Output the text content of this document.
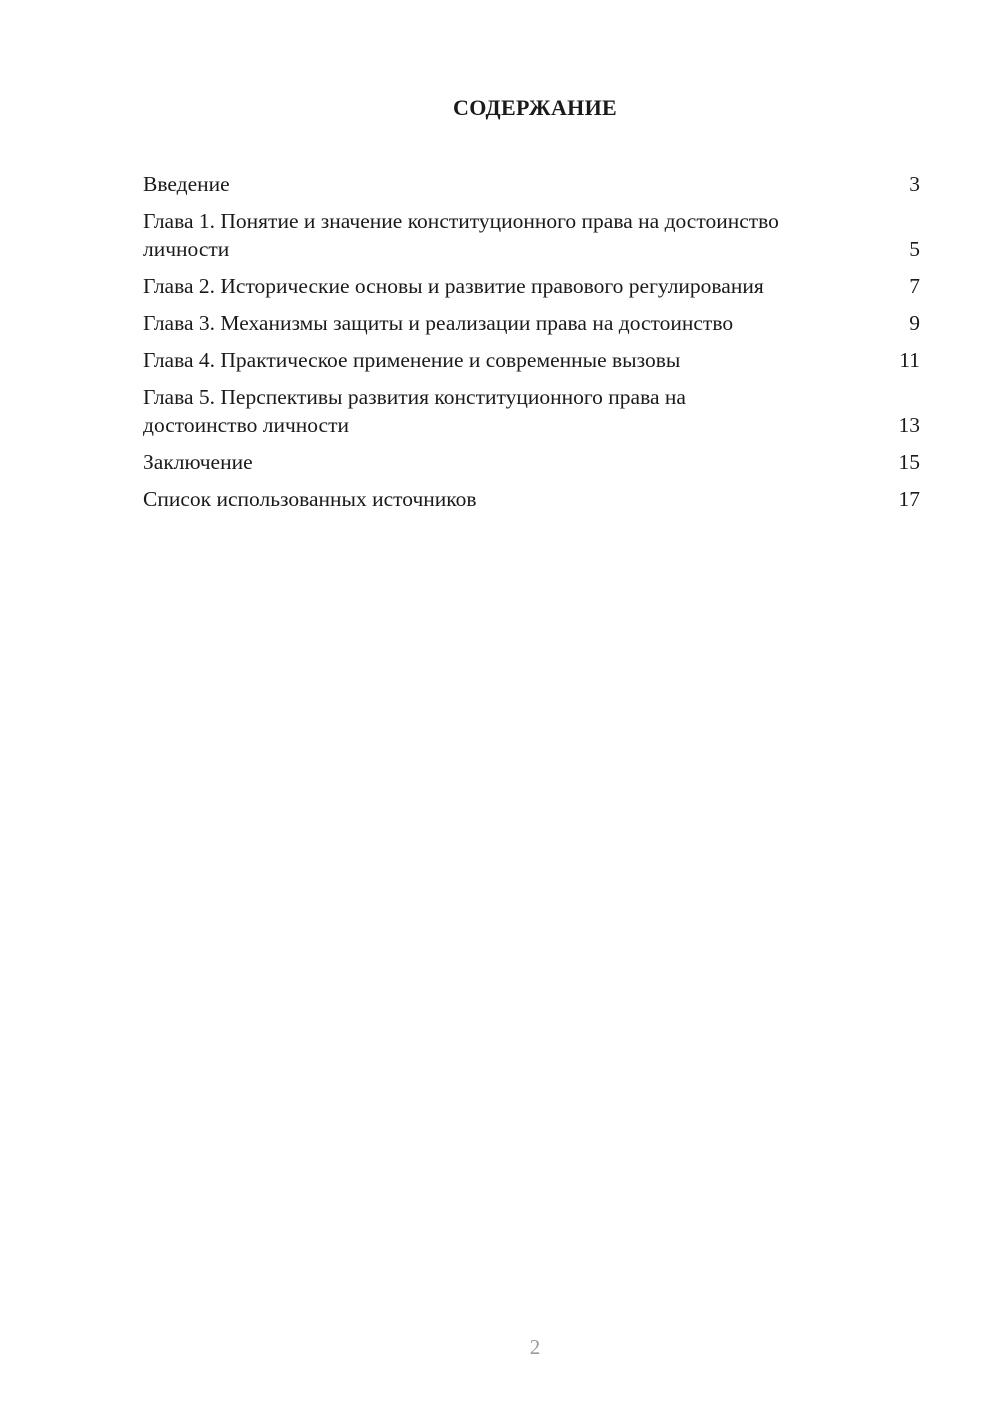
СОДЕРЖАНИЕ
Введение	3
Глава 1. Понятие и значение конституционного права на достоинство личности	5
Глава 2. Исторические основы и развитие правового регулирования	7
Глава 3. Механизмы защиты и реализации права на достоинство	9
Глава 4. Практическое применение и современные вызовы	11
Глава 5. Перспективы развития конституционного права на достоинство личности	13
Заключение	15
Список использованных источников	17
2
